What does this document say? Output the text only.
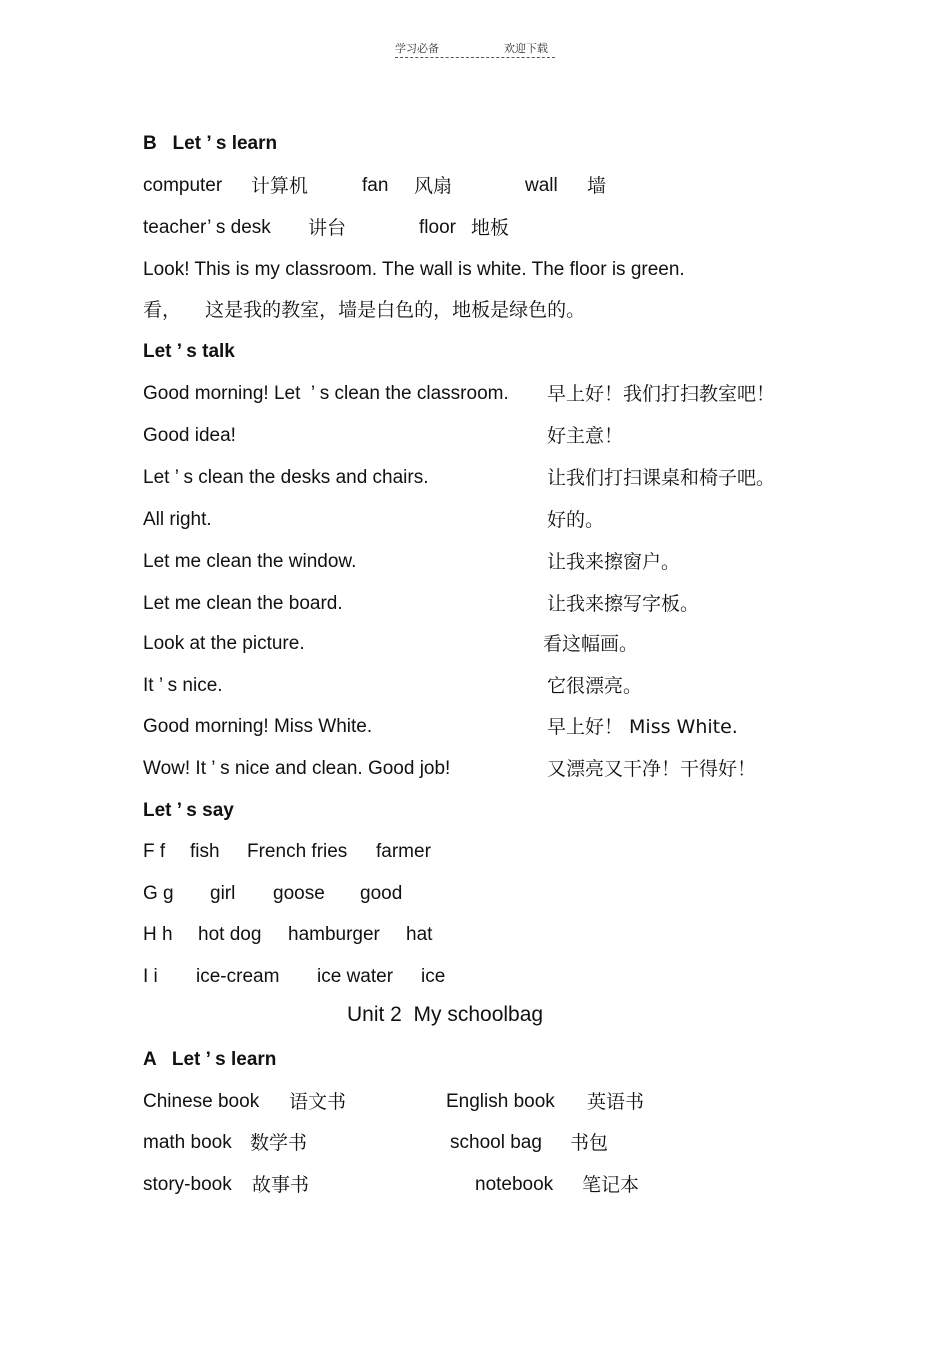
学习必备	欢迎下载
B   Let ’ s learn
computer 计算机	fan 风扇	wall 墙
teacher’ s desk 讲台	floor 地板
Look! This is my classroom. The wall is white. The floor is green.
看，    这是我的教室，墙是白色的，地板是绿色的。
Let ’ s talk
Good morning! Let  ’ s clean the classroom. 早上好！我们打扫教室吧！
Good idea!	好主意！
Let ’ s clean the desks and chairs.	让我们打扫课桌和椅子吧。
All right.	好的。
Let me clean the window.	让我来擦窗户。
Let me clean the board.	让我来擦写字板。
Look at the picture.	看这幅画。
It ’ s nice.	它很漂亮。
Good morning! Miss White.	早上好！ Miss White.
Wow! It ’ s nice and clean. Good job!	又漂亮又干净！干得好！
Let ’ s say
F f fish French fries farmer
G g girl goose good
H h hot dog hamburger hat
I i ice-cream ice water ice
Unit 2  My schoolbag
A   Let ’ s learn
Chinese book 语文书	English book 英语书
math book 数学书	school bag 书包
story-book 故事书	notebook 笔记本
